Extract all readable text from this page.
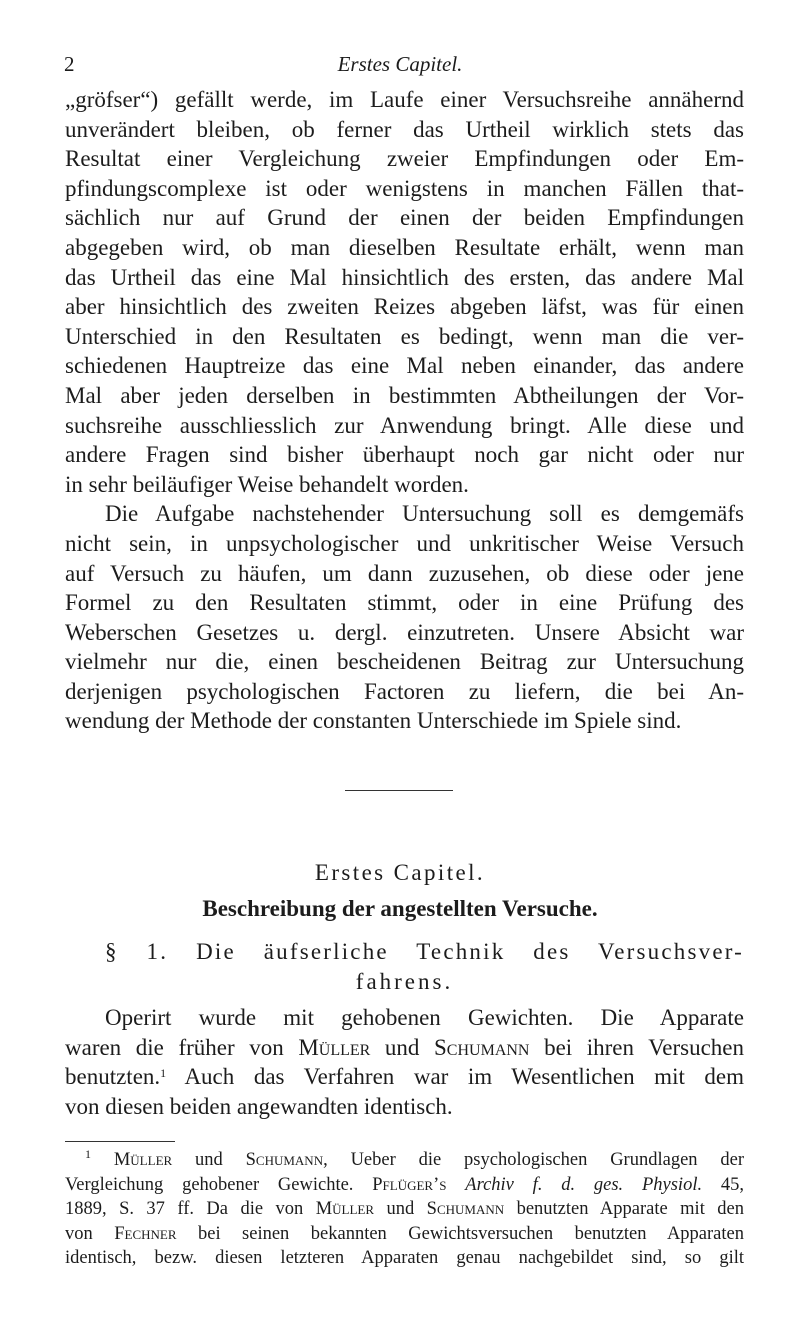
2	Erstes Capitel.
„gröfser“) gefällt werde, im Laufe einer Versuchsreihe annähernd
unverändert bleiben, ob ferner das Urtheil wirklich stets das
Resultat einer Vergleichung zweier Empfindungen oder Em-
pfindungscomplexe ist oder wenigstens in manchen Fällen that-
sächlich nur auf Grund der einen der beiden Empfindungen
abgegeben wird, ob man dieselben Resultate erhält, wenn man
das Urtheil das eine Mal hinsichtlich des ersten, das andere Mal
aber hinsichtlich des zweiten Reizes abgeben läfst, was für einen
Unterschied in den Resultaten es bedingt, wenn man die ver-
schiedenen Hauptreize das eine Mal neben einander, das andere
Mal aber jeden derselben in bestimmten Abtheilungen der Vor-
suchsreihe ausschliesslich zur Anwendung bringt. Alle diese und
andere Fragen sind bisher überhaupt noch gar nicht oder nur
in sehr beiläufiger Weise behandelt worden.
Die Aufgabe nachstehender Untersuchung soll es demgemäfs
nicht sein, in unpsychologischer und unkritischer Weise Versuch
auf Versuch zu häufen, um dann zuzusehen, ob diese oder jene
Formel zu den Resultaten stimmt, oder in eine Prüfung des
Weberschen Gesetzes u. dergl. einzutreten. Unsere Absicht war
vielmehr nur die, einen bescheidenen Beitrag zur Untersuchung
derjenigen psychologischen Factoren zu liefern, die bei An-
wendung der Methode der constanten Unterschiede im Spiele sind.
Erstes Capitel.
Beschreibung der angestellten Versuche.
§ 1. Die äufserliche Technik des Versuchsver-
fahrens.
Operirt wurde mit gehobenen Gewichten. Die Apparate
waren die früher von Müller und Schumann bei ihren Versuchen
benutzten.$^1$ Auch das Verfahren war im Wesentlichen mit dem
von diesen beiden angewandten identisch.
$^1$ Müller und Schumann, Ueber die psychologischen Grundlagen der
Vergleichung gehobener Gewichte. Pflüger’s Archiv f. d. ges. Physiol. 45,
1889, S. 37 ff. Da die von Müller und Schumann benutzten Apparate mit den
von Fechner bei seinen bekannten Gewichtsversuchen benutzten Apparaten
identisch, bezw. diesen letzteren Apparaten genau nachgebildet sind, so gilt
